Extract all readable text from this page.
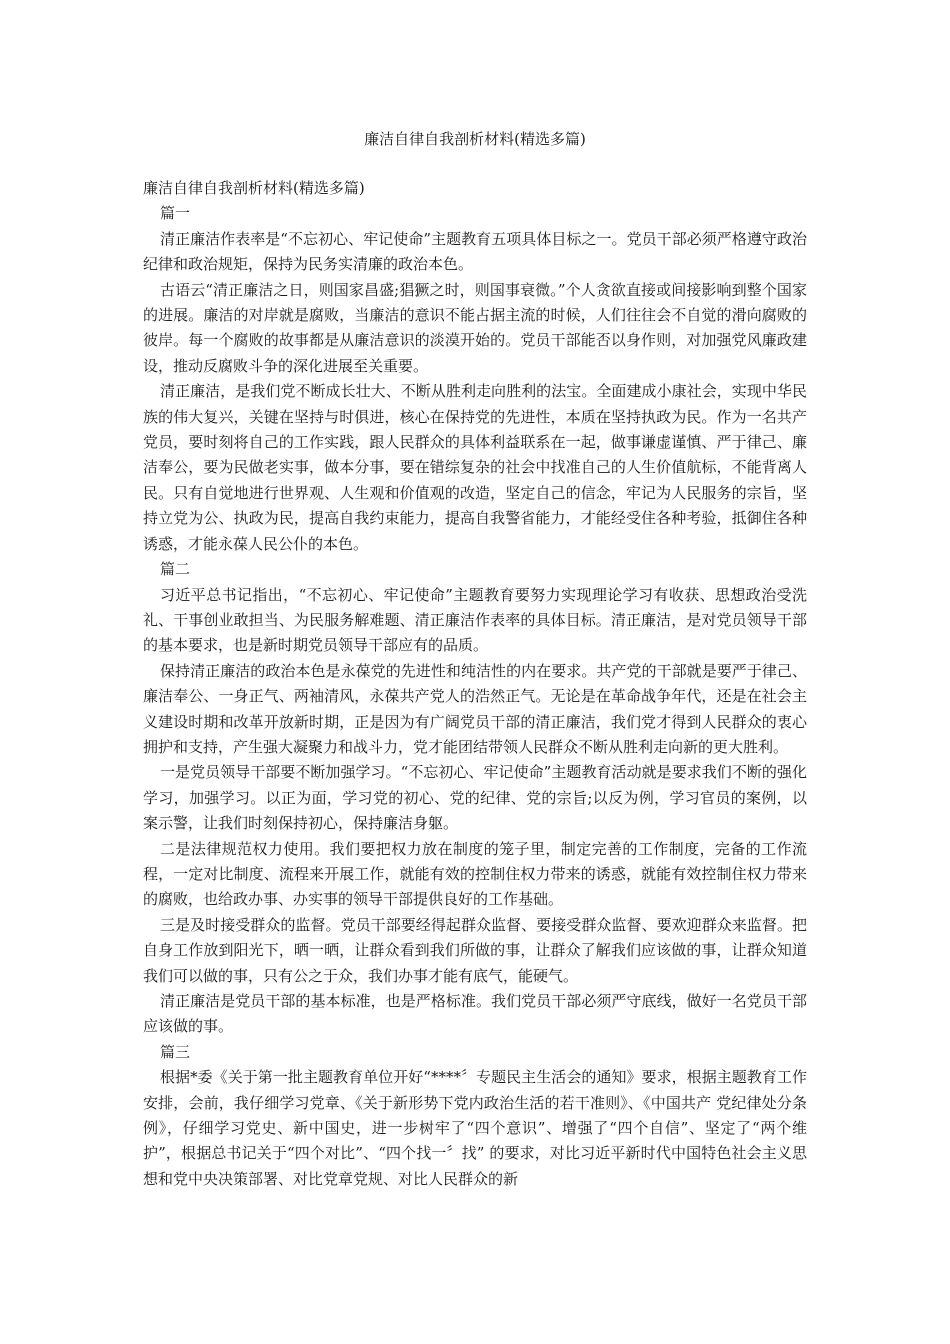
廉洁自律自我剖析材料(精选多篇)

廉洁自律自我剖析材料(精选多篇)

篇一

清正廉洁作表率是“不忘初心、牢记使命”主题教育五项具体目标之一。党员干部必须严格遵守政治纪律和政治规矩，保持为民务实清廉的政治本色。

古语云“清正廉洁之日，则国家昌盛;猖獗之时，则国事衰微。”个人贪欲直接或间接影响到整个国家的进展。廉洁的对岸就是腐败，当廉洁的意识不能占据主流的时候，人们往往会不自觉的滑向腐败的彼岸。每一个腐败的故事都是从廉洁意识的淡漠开始的。党员干部能否以身作则，对加强党风廉政建设，推动反腐败斗争的深化进展至关重要。

清正廉洁，是我们党不断成长壮大、不断从胜利走向胜利的法宝。全面建成小康社会，实现中华民族的伟大复兴，关键在坚持与时俱进，核心在保持党的先进性，本质在坚持执政为民。作为一名共产党员，要时刻将自己的工作实践，跟人民群众的具体利益联系在一起，做事谦虚谨慎、严于律己、廉洁奉公，要为民做老实事，做本分事，要在错综复杂的社会中找准自己的人生价值航标，不能背离人民。只有自觉地进行世界观、人生观和价值观的改造，坚定自己的信念，牢记为人民服务的宗旨，坚持立党为公、执政为民，提高自我约束能力，提高自我警省能力，才能经受住各种考验，抵御住各种诱惑，才能永葆人民公仆的本色。

篇二

习近平总书记指出，“不忘初心、牢记使命”主题教育要努力实现理论学习有收获、思想政治受洗礼、干事创业敢担当、为民服务解难题、清正廉洁作表率的具体目标。清正廉洁，是对党员领导干部的基本要求，也是新时期党员领导干部应有的品质。

保持清正廉洁的政治本色是永葆党的先进性和纯洁性的内在要求。共产党的干部就是要严于律己、廉洁奉公、一身正气、两袖清风，永葆共产党人的浩然正气。无论是在革命战争年代，还是在社会主义建设时期和改革开放新时期，正是因为有广阔党员干部的清正廉洁，我们党才得到人民群众的衷心拥护和支持，产生强大凝聚力和战斗力，党才能团结带领人民群众不断从胜利走向新的更大胜利。

一是党员领导干部要不断加强学习。“不忘初心、牢记使命”主题教育活动就是要求我们不断的强化学习，加强学习。以正为面，学习党的初心、党的纪律、党的宗旨;以反为例，学习官员的案例，以案示警，让我们时刻保持初心，保持廉洁身躯。

二是法律规范权力使用。我们要把权力放在制度的笼子里，制定完善的工作制度，完备的工作流程，一定对比制度、流程来开展工作，就能有效的控制住权力带来的诱惑，就能有效控制住权力带来的腐败，也给政办事、办实事的领导干部提供良好的工作基础。

三是及时接受群众的监督。党员干部要经得起群众监督、要接受群众监督、要欢迎群众来监督。把自身工作放到阳光下，晒一晒，让群众看到我们所做的事，让群众了解我们应该做的事，让群众知道我们可以做的事，只有公之于众，我们办事才能有底气，能硬气。

清正廉洁是党员干部的基本标准，也是严格标准。我们党员干部必须严守底线，做好一名党员干部应该做的事。

篇三

根据*委《关于第一批主题教育单位开好“****〞专题民主生活会的通知》要求，根据主题教育工作安排，会前，我仔细学习党章、《关于新形势下党内政治生活的若干准则》、《中国共产 党纪律处分条例》，仔细学习党史、新中国史，进一步树牢了“四个意识”、增强了“四个自信”、坚定了“两个维护”，根据总书记关于“四个对比”、“四个找一〞找” 的要求，对比习近平新时代中国特色社会主义思想和党中央决策部署、对比党章党规、对比人民群众的新
